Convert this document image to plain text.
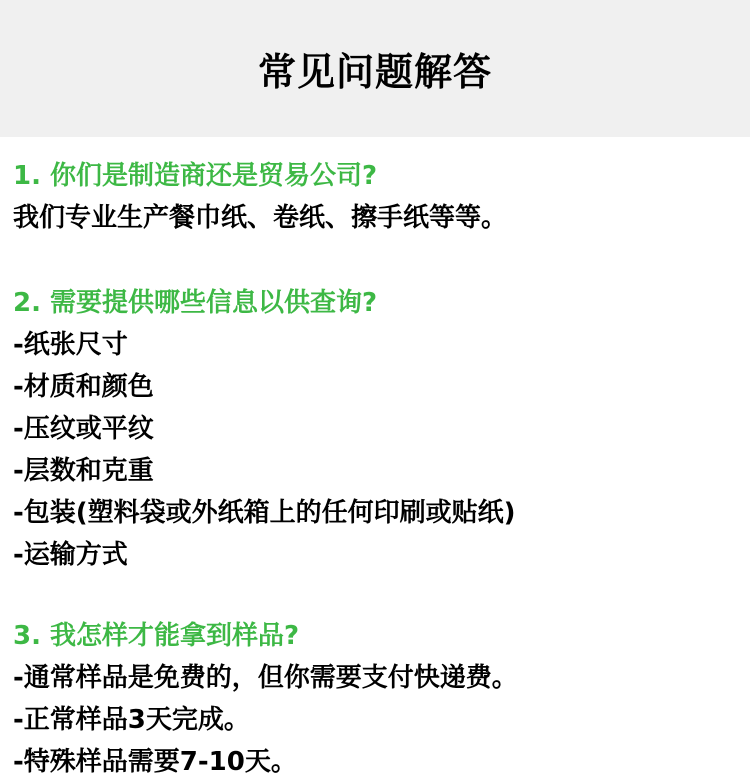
常见问题解答

1. 你们是制造商还是贸易公司?

我们专业生产餐巾纸、卷纸、擦手纸等等。

2. 需要提供哪些信息以供查询?

-纸张尺寸

-材质和颜色

-压纹或平纹

-层数和克重

-包装(塑料袋或外纸箱上的任何印刷或贴纸)

-运输方式

3. 我怎样才能拿到样品?

-通常样品是免费的，但你需要支付快递费。

-正常样品3天完成。

-特殊样品需要7-10天。
